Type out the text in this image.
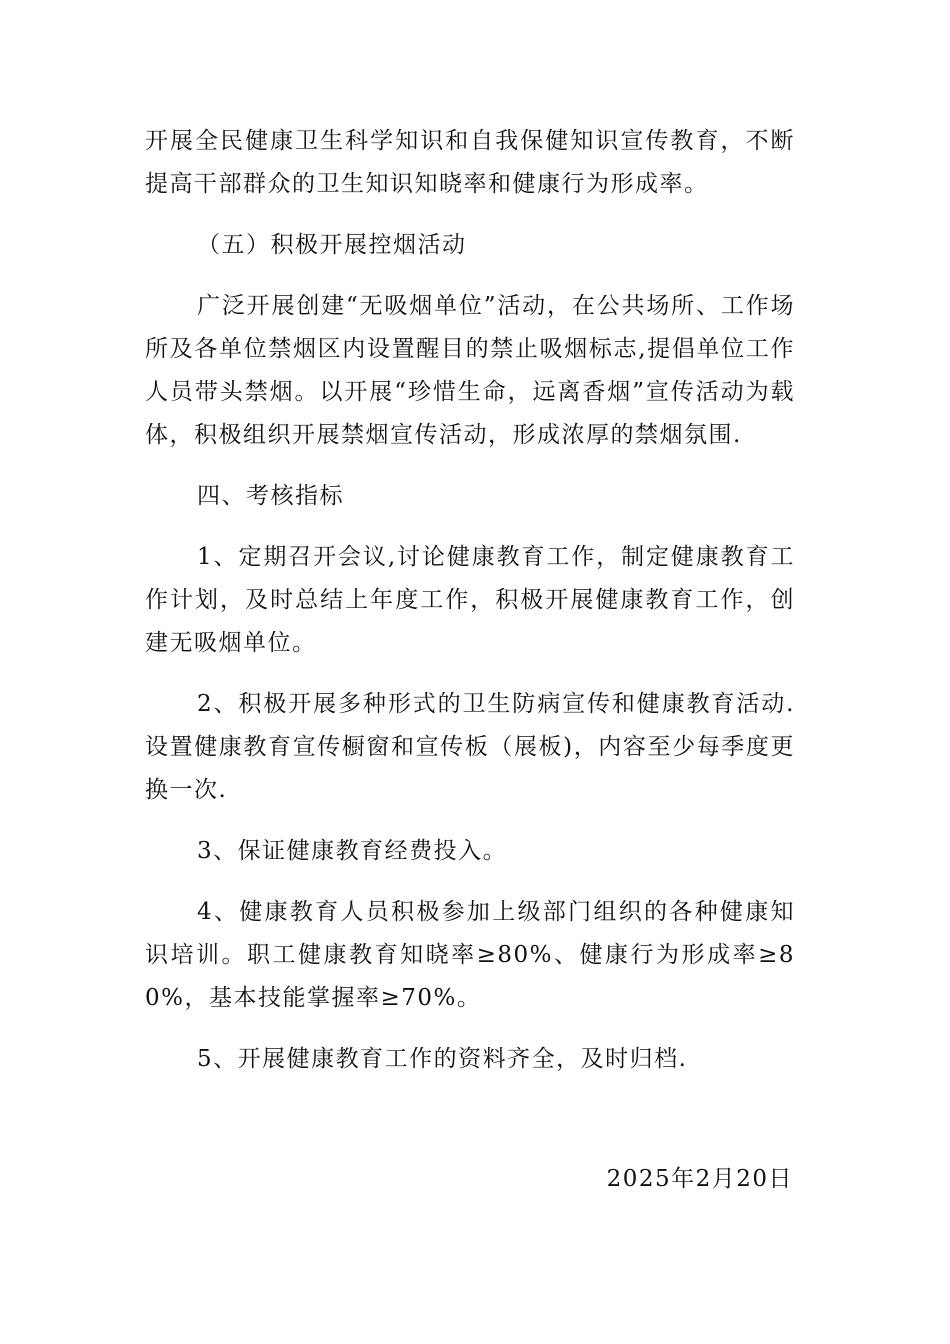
开展全民健康卫生科学知识和自我保健知识宣传教育，不断提高干部群众的卫生知识知晓率和健康行为形成率。

（五）积极开展控烟活动

广泛开展创建“无吸烟单位”活动，在公共场所、工作场所及各单位禁烟区内设置醒目的禁止吸烟标志,提倡单位工作人员带头禁烟。以开展“珍惜生命，远离香烟”宣传活动为载体，积极组织开展禁烟宣传活动，形成浓厚的禁烟氛围.

四、考核指标

1、定期召开会议,讨论健康教育工作，制定健康教育工作计划，及时总结上年度工作，积极开展健康教育工作，创建无吸烟单位。

2、积极开展多种形式的卫生防病宣传和健康教育活动.设置健康教育宣传橱窗和宣传板（展板)，内容至少每季度更换一次.

3、保证健康教育经费投入。

4、健康教育人员积极参加上级部门组织的各种健康知识培训。职工健康教育知晓率≥80%、健康行为形成率≥80%，基本技能掌握率≥70%。

5、开展健康教育工作的资料齐全，及时归档.

2025年2月20日
